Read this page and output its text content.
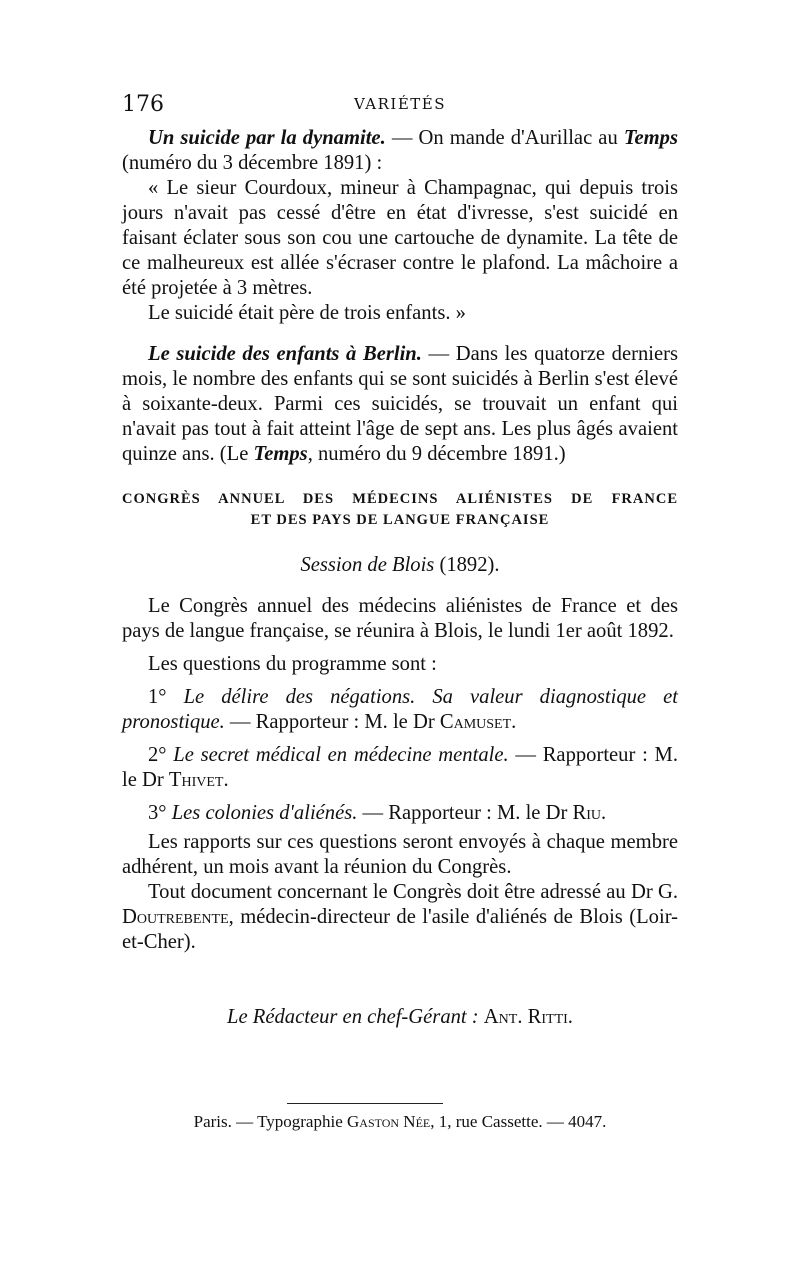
176	VARIÉTÉS

Un suicide par la dynamite. — On mande d'Aurillac au Temps (numéro du 3 décembre 1891) :

« Le sieur Courdoux, mineur à Champagnac, qui depuis trois jours n'avait pas cessé d'être en état d'ivresse, s'est suicidé en faisant éclater sous son cou une cartouche de dynamite. La tête de ce malheureux est allée s'écraser contre le plafond. La mâchoire a été projetée à 3 mètres.

Le suicidé était père de trois enfants. »

Le suicide des enfants à Berlin. — Dans les quatorze derniers mois, le nombre des enfants qui se sont suicidés à Berlin s'est élevé à soixante-deux. Parmi ces suicidés, se trouvait un enfant qui n'avait pas tout à fait atteint l'âge de sept ans. Les plus âgés avaient quinze ans. (Le Temps, numéro du 9 décembre 1891.)

CONGRÈS ANNUEL DES MÉDECINS ALIÉNISTES DE FRANCE
ET DES PAYS DE LANGUE FRANÇAISE

Session de Blois (1892).

Le Congrès annuel des médecins aliénistes de France et des pays de langue française, se réunira à Blois, le lundi 1er août 1892.

Les questions du programme sont :

1° Le délire des négations. Sa valeur diagnostique et pronostique. — Rapporteur : M. le Dr Camuset.

2° Le secret médical en médecine mentale. — Rapporteur : M. le Dr Thivet.

3° Les colonies d'aliénés. — Rapporteur : M. le Dr Riu.

Les rapports sur ces questions seront envoyés à chaque membre adhérent, un mois avant la réunion du Congrès.

Tout document concernant le Congrès doit être adressé au Dr G. Doutrebente, médecin-directeur de l'asile d'aliénés de Blois (Loir-et-Cher).

Le Rédacteur en chef-Gérant : Ant. Ritti.

Paris. — Typographie Gaston Née, 1, rue Cassette. — 4047.
